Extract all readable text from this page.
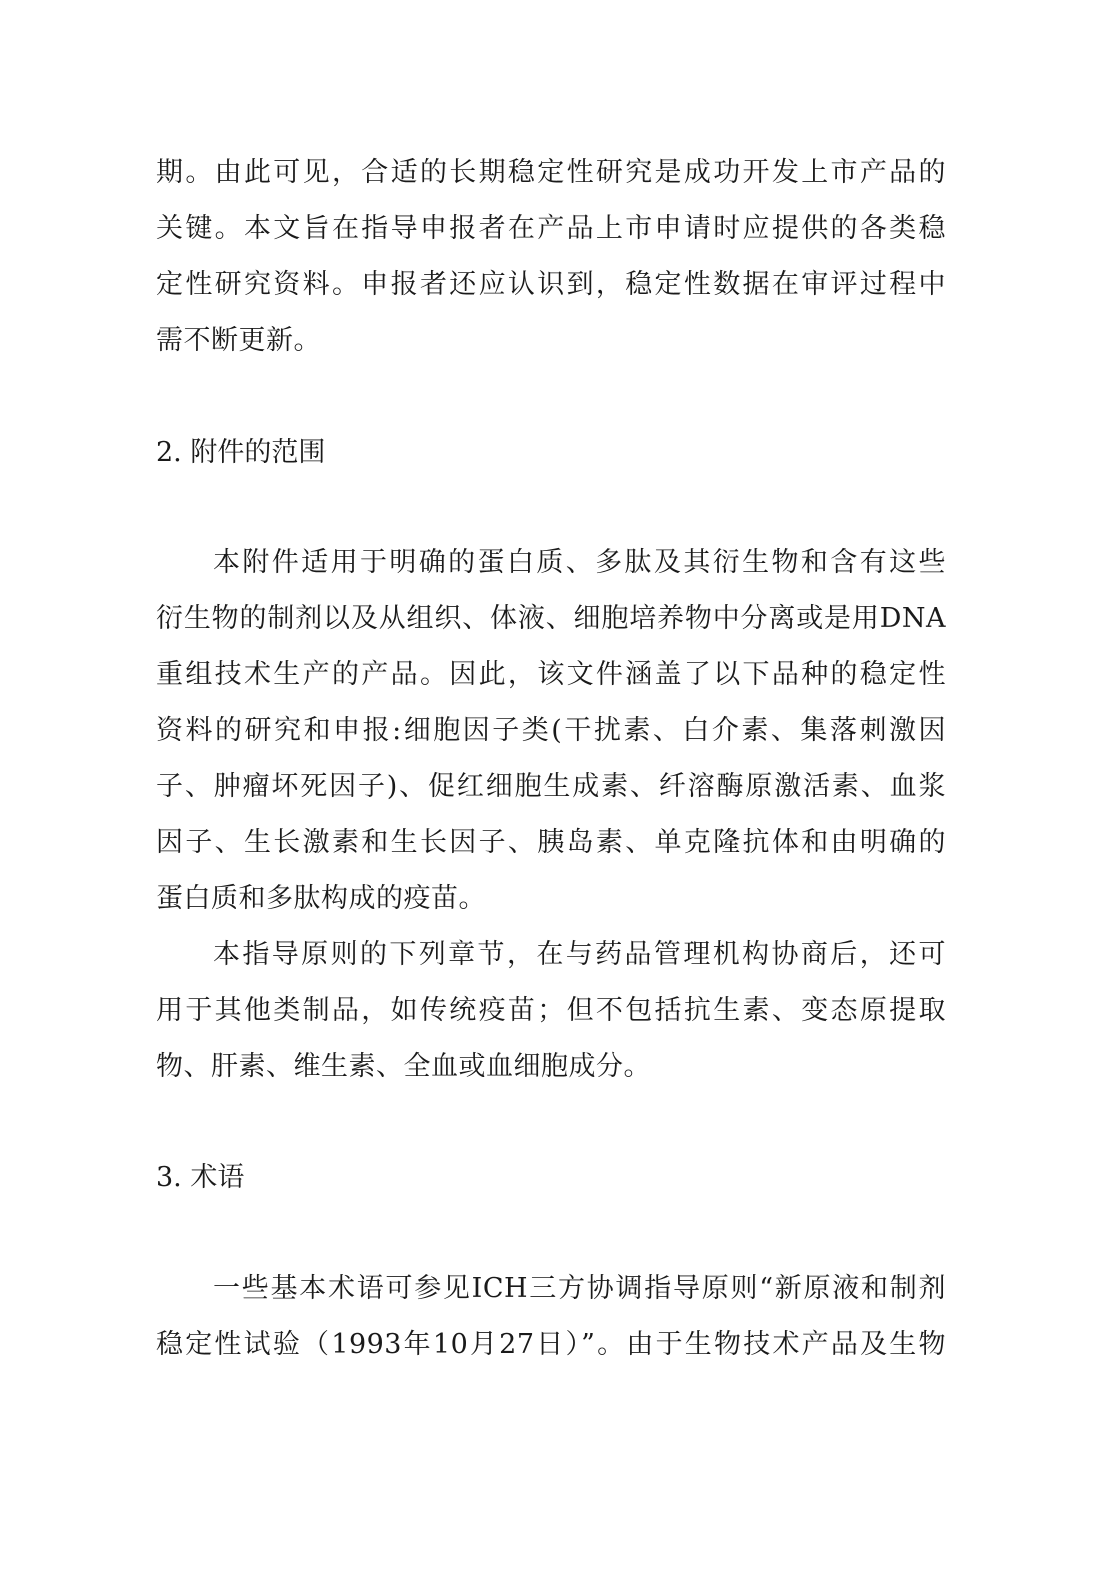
期。由此可见，合适的长期稳定性研究是成功开发上市产品的
关键。本文旨在指导申报者在产品上市申请时应提供的各类稳
定性研究资料。申报者还应认识到，稳定性数据在审评过程中
需不断更新。
2. 附件的范围
本附件适用于明确的蛋白质、多肽及其衍生物和含有这些
衍生物的制剂以及从组织、体液、细胞培养物中分离或是用DNA
重组技术生产的产品。因此，该文件涵盖了以下品种的稳定性
资料的研究和申报:细胞因子类(干扰素、白介素、集落刺激因
子、肿瘤坏死因子)、促红细胞生成素、纤溶酶原激活素、血浆
因子、生长激素和生长因子、胰岛素、单克隆抗体和由明确的
蛋白质和多肽构成的疫苗。
本指导原则的下列章节，在与药品管理机构协商后，还可
用于其他类制品，如传统疫苗；但不包括抗生素、变态原提取
物、肝素、维生素、全血或血细胞成分。
3. 术语
一些基本术语可参见ICH三方协调指导原则“新原液和制剂
稳定性试验（1993年10月27日）”。由于生物技术产品及生物
